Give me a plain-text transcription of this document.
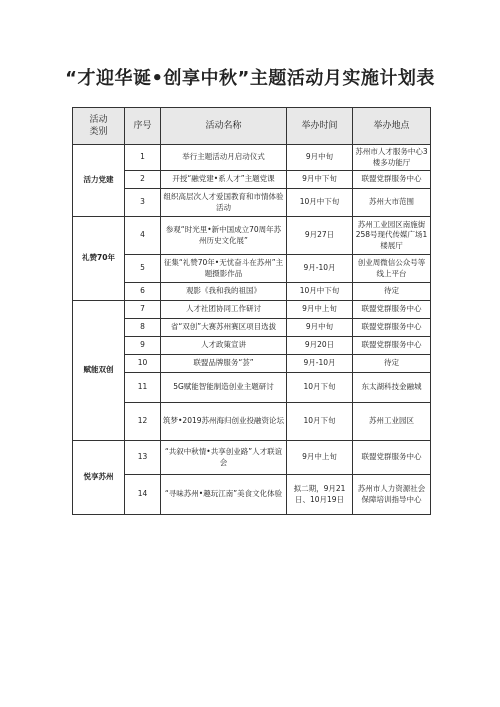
“才迎华诞•创享中秋”主题活动月实施计划表
活动
类别	序号	活动名称	举办时间	举办地点
活力党建	1	举行主题活动月启动仪式	9月中旬	苏州市人才服务中心3楼多功能厅
	2	开授“融党建•系人才”主题党课	9月中下旬	联盟党群服务中心
	3	组织高层次人才爱国教育和市情体验活动	10月中下旬	苏州大市范围
礼赞70年	4	参观“时光里•新中国成立70周年苏州历史文化展”	9月27日	苏州工业园区南施街258号现代传媒广场1楼展厅
	5	征集“礼赞70年•无忧奋斗在苏州”主题摄影作品	9月-10月	创业周微信公众号等线上平台
	6	观影《我和我的祖国》	10月中下旬	待定
赋能双创	7	人才社团协同工作研讨	9月中上旬	联盟党群服务中心
	8	省“双创”大赛苏州赛区项目选拔	9月中旬	联盟党群服务中心
	9	人才政策宣讲	9月20日	联盟党群服务中心
	10	联盟品牌服务“荟”	9月-10月	待定
	11	5G赋能智能制造创业主题研讨	10月下旬	东太湖科技金融城
	12	筑梦•2019苏州海归创业投融资论坛	10月下旬	苏州工业园区
悦享苏州	13	“共叙中秋情•共享创业路”人才联谊会	9月中上旬	联盟党群服务中心
	14	“寻味苏州•趣玩江南”美食文化体验	拟二期，9月21日、10月19日	苏州市人力资源社会保障培训指导中心
